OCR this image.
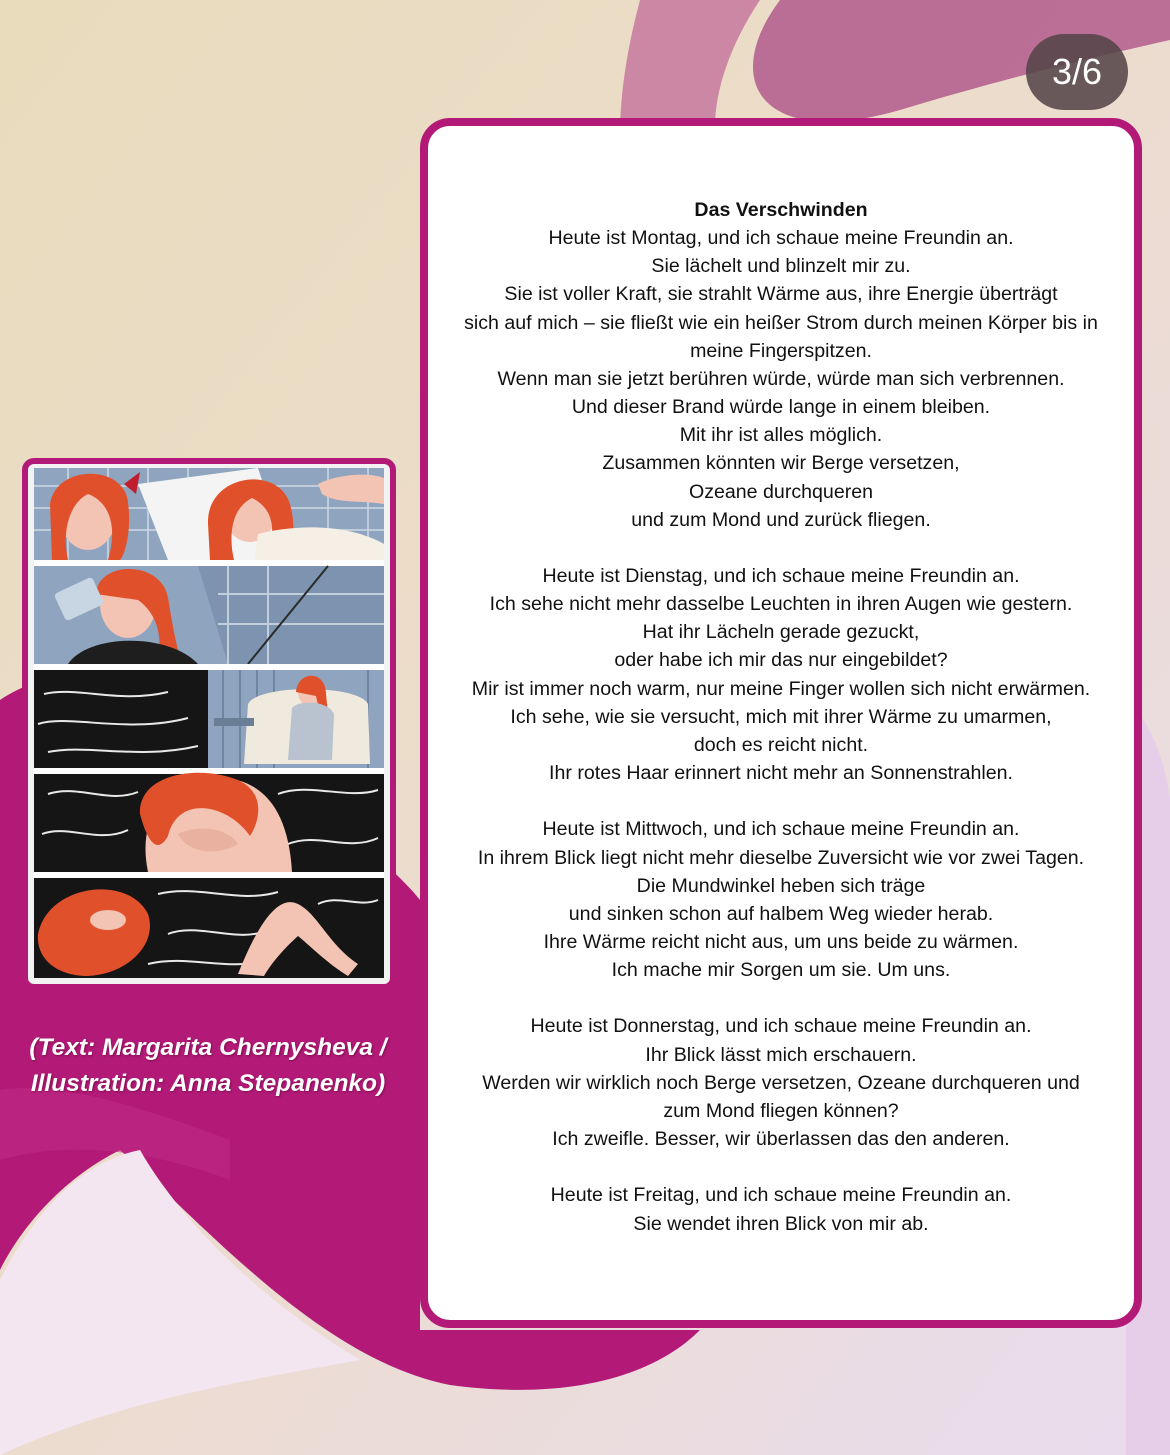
3/6
(Text: Margarita Chernysheva /
Illustration: Anna Stepanenko)
Das Verschwinden
Heute ist Montag, und ich schaue meine Freundin an.
Sie lächelt und blinzelt mir zu.
Sie ist voller Kraft, sie strahlt Wärme aus, ihre Energie überträgt
sich auf mich – sie fließt wie ein heißer Strom durch meinen Körper bis in
meine Fingerspitzen.
Wenn man sie jetzt berühren würde, würde man sich verbrennen.
Und dieser Brand würde lange in einem bleiben.
Mit ihr ist alles möglich.
Zusammen könnten wir Berge versetzen,
Ozeane durchqueren
und zum Mond und zurück fliegen.
Heute ist Dienstag, und ich schaue meine Freundin an.
Ich sehe nicht mehr dasselbe Leuchten in ihren Augen wie gestern.
Hat ihr Lächeln gerade gezuckt,
oder habe ich mir das nur eingebildet?
Mir ist immer noch warm, nur meine Finger wollen sich nicht erwärmen.
Ich sehe, wie sie versucht, mich mit ihrer Wärme zu umarmen,
doch es reicht nicht.
Ihr rotes Haar erinnert nicht mehr an Sonnenstrahlen.
Heute ist Mittwoch, und ich schaue meine Freundin an.
In ihrem Blick liegt nicht mehr dieselbe Zuversicht wie vor zwei Tagen.
Die Mundwinkel heben sich träge
und sinken schon auf halbem Weg wieder herab.
Ihre Wärme reicht nicht aus, um uns beide zu wärmen.
Ich mache mir Sorgen um sie. Um uns.
Heute ist Donnerstag, und ich schaue meine Freundin an.
Ihr Blick lässt mich erschauern.
Werden wir wirklich noch Berge versetzen, Ozeane durchqueren und
zum Mond fliegen können?
Ich zweifle. Besser, wir überlassen das den anderen.
Heute ist Freitag, und ich schaue meine Freundin an.
Sie wendet ihren Blick von mir ab.
